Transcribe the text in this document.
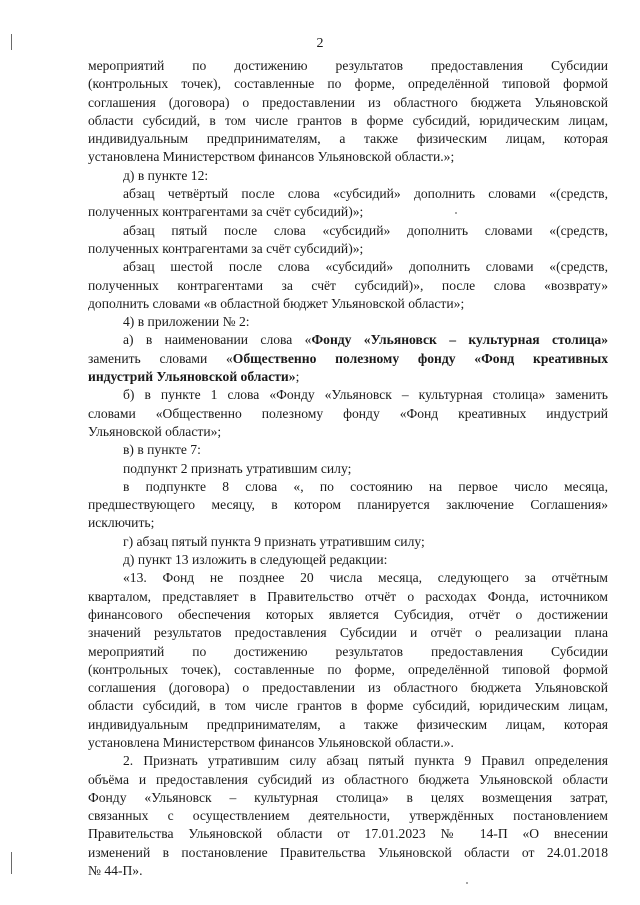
2
мероприятий по достижению результатов предоставления Субсидии
(контрольных точек), составленные по форме, определённой типовой формой
соглашения (договора) о предоставлении из областного бюджета Ульяновской
области субсидий, в том числе грантов в форме субсидий, юридическим лицам,
индивидуальным предпринимателям, а также физическим лицам, которая
установлена Министерством финансов Ульяновской области.»;
д) в пункте 12:
абзац четвёртый после слова «субсидий» дополнить словами «(средств,
полученных контрагентами за счёт субсидий)»;
абзац пятый после слова «субсидий» дополнить словами «(средств,
полученных контрагентами за счёт субсидий)»;
абзац шестой после слова «субсидий» дополнить словами «(средств,
полученных контрагентами за счёт субсидий)», после слова «возврату»
дополнить словами «в областной бюджет Ульяновской области»;
4) в приложении № 2:
а) в наименовании слова «Фонду «Ульяновск – культурная столица»
заменить словами «Общественно полезному фонду «Фонд креативных
индустрий Ульяновской области»;
б) в пункте 1 слова «Фонду «Ульяновск – культурная столица» заменить
словами «Общественно полезному фонду «Фонд креативных индустрий
Ульяновской области»;
в) в пункте 7:
подпункт 2 признать утратившим силу;
в подпункте 8 слова «, по состоянию на первое число месяца,
предшествующего месяцу, в котором планируется заключение Соглашения»
исключить;
г) абзац пятый пункта 9 признать утратившим силу;
д) пункт 13 изложить в следующей редакции:
«13. Фонд не позднее 20 числа месяца, следующего за отчётным
кварталом, представляет в Правительство отчёт о расходах Фонда, источником
финансового обеспечения которых является Субсидия, отчёт о достижении
значений результатов предоставления Субсидии и отчёт о реализации плана
мероприятий по достижению результатов предоставления Субсидии
(контрольных точек), составленные по форме, определённой типовой формой
соглашения (договора) о предоставлении из областного бюджета Ульяновской
области субсидий, в том числе грантов в форме субсидий, юридическим лицам,
индивидуальным предпринимателям, а также физическим лицам, которая
установлена Министерством финансов Ульяновской области.».
2. Признать утратившим силу абзац пятый пункта 9 Правил определения
объёма и предоставления субсидий из областного бюджета Ульяновской области
Фонду «Ульяновск – культурная столица» в целях возмещения затрат,
связанных с осуществлением деятельности, утверждённых постановлением
Правительства Ульяновской области от 17.01.2023 № 14-П «О внесении
изменений в постановление Правительства Ульяновской области от 24.01.2018
№ 44-П».
